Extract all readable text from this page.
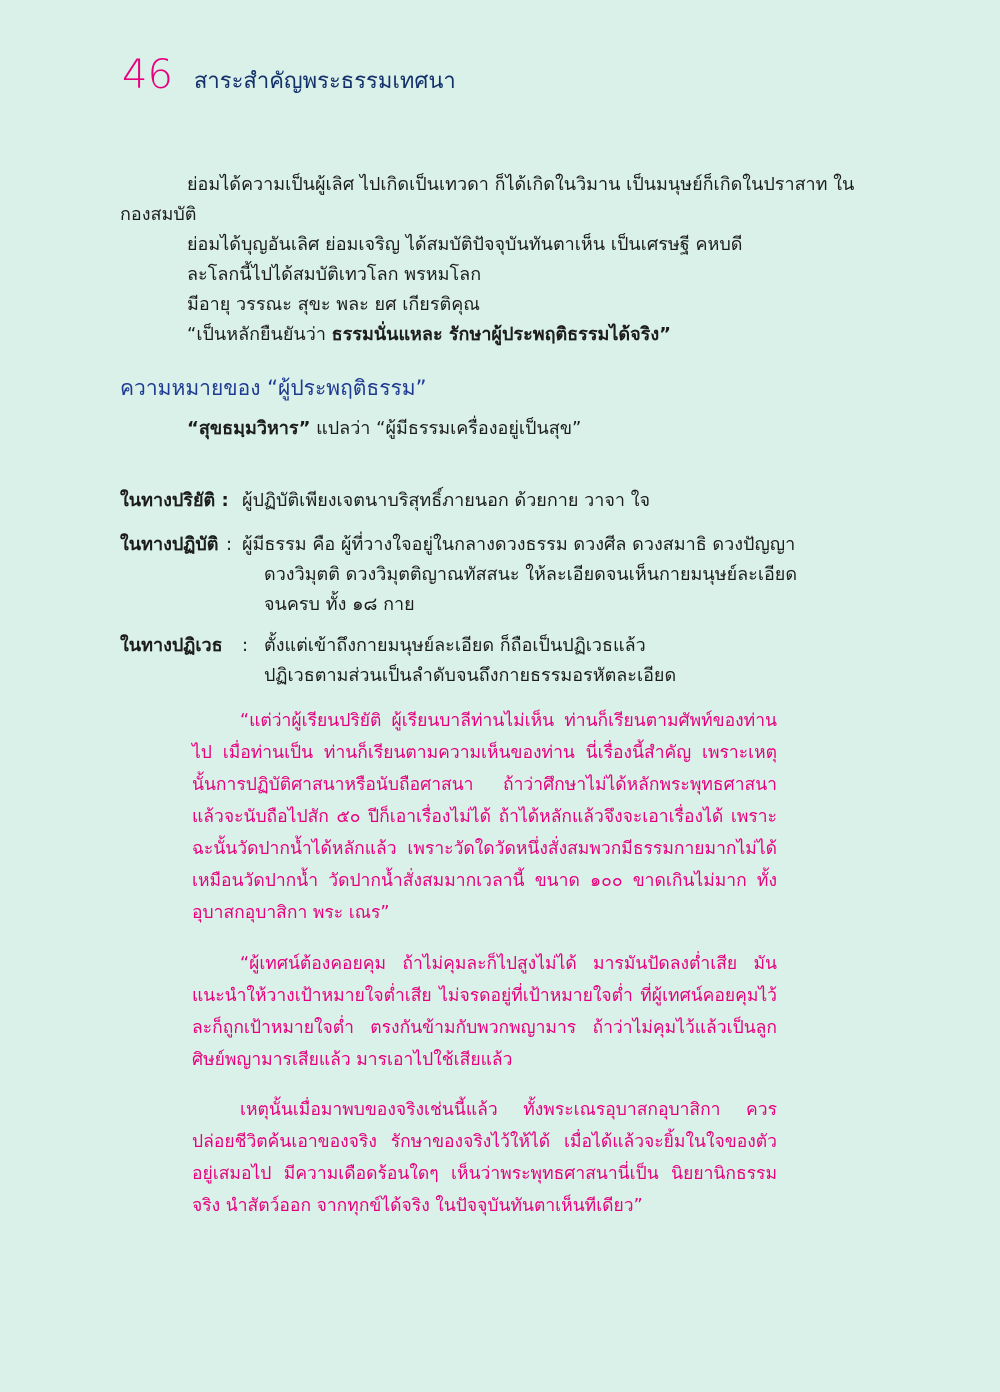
46 สาระสำคัญพระธรรมเทศนา
ย่อมได้ความเป็นผู้เลิศ ไปเกิดเป็นเทวดา ก็ได้เกิดในวิมาน เป็นมนุษย์ก็เกิดในปราสาท ใน
กองสมบัติ
ย่อมได้บุญอันเลิศ ย่อมเจริญ ได้สมบัติปัจจุบันทันตาเห็น เป็นเศรษฐี คหบดี
ละโลกนี้ไปได้สมบัติเทวโลก พรหมโลก
มีอายุ วรรณะ สุขะ พละ ยศ เกียรติคุณ
“เป็นหลักยืนยันว่า ธรรมนั่นแหละ รักษาผู้ประพฤติธรรมได้จริง”
ความหมายของ “ผู้ประพฤติธรรม”
“สุขธมฺมวิหาร” แปลว่า “ผู้มีธรรมเครื่องอยู่เป็นสุข”
ในทางปริยัติ : ผู้ปฏิบัติเพียงเจตนาบริสุทธิ์ภายนอก ด้วยกาย วาจา ใจ
ในทางปฏิบัติ : ผู้มีธรรม คือ ผู้ที่วางใจอยู่ในกลางดวงธรรม ดวงศีล ดวงสมาธิ ดวงปัญญา
ดวงวิมุตติ ดวงวิมุตติญาณทัสสนะ ให้ละเอียดจนเห็นกายมนุษย์ละเอียด
จนครบ ทั้ง ๑๘ กาย
ในทางปฏิเวธ : ตั้งแต่เข้าถึงกายมนุษย์ละเอียด ก็ถือเป็นปฏิเวธแล้ว
ปฏิเวธตามส่วนเป็นลำดับจนถึงกายธรรมอรหัตละเอียด

“แต่ว่าผู้เรียนปริยัติ ผู้เรียนบาลีท่านไม่เห็น ท่านก็เรียนตามศัพท์ของท่านไป เมื่อท่านเป็น ท่านก็เรียนตามความเห็นของท่าน นี่เรื่องนี้สำคัญ เพราะเหตุนั้นการปฏิบัติศาสนาหรือนับถือศาสนา ถ้าว่าศึกษาไม่ได้หลักพระพุทธศาสนาแล้วจะนับถือไปสัก ๕๐ ปีก็เอาเรื่องไม่ได้ ถ้าได้หลักแล้วจึงจะเอาเรื่องได้ เพราะฉะนั้นวัดปากน้ำได้หลักแล้ว เพราะวัดใดวัดหนึ่งสั่งสมพวกมีธรรมกายมากไม่ได้เหมือนวัดปากน้ำ วัดปากน้ำสั่งสมมากเวลานี้ ขนาด ๑๐๐ ขาดเกินไม่มาก ทั้งอุบาสกอุบาสิกา พระ เณร”

“ผู้เทศน์ต้องคอยคุม ถ้าไม่คุมละก็ไปสูงไม่ได้ มารมันปัดลงต่ำเสีย มันแนะนำให้วางเป้าหมายใจต่ำเสีย ไม่จรดอยู่ที่เป้าหมายใจต่ำ ที่ผู้เทศน์คอยคุมไว้ละก็ถูกเป้าหมายใจต่ำ ตรงกันข้ามกับพวกพญามาร ถ้าว่าไม่คุมไว้แล้วเป็นลูกศิษย์พญามารเสียแล้ว มารเอาไปใช้เสียแล้ว

เหตุนั้นเมื่อมาพบของจริงเช่นนี้แล้ว ทั้งพระเณรอุบาสกอุบาสิกา ควรปล่อยชีวิตค้นเอาของจริง รักษาของจริงไว้ให้ได้ เมื่อได้แล้วจะยิ้มในใจของตัวอยู่เสมอไป มีความเดือดร้อนใดๆ เห็นว่าพระพุทธศาสนานี่เป็น นิยยานิกธรรมจริง นำสัตว์ออก จากทุกข์ได้จริง ในปัจจุบันทันตาเห็นทีเดียว”
